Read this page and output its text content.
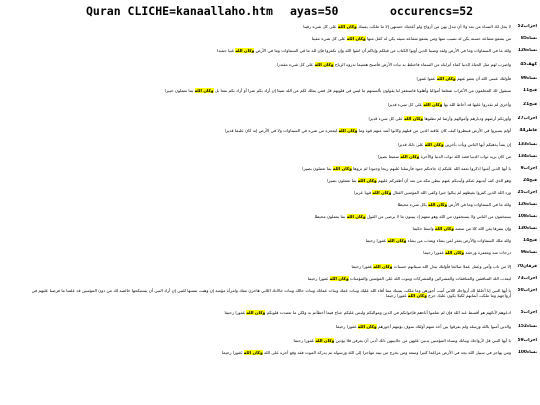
Quran CLICHE=kanaallaho.htm ayas=50	occurencs=52
أحزاب52
لا يحل لك النساء من بعد ولا أن تبدل بهن من أزواج ولو أعجبك حسنهن إلا ما ملكت يمينك وكان الله على كل شيء رقيبا
نساء85
من يشفع شفاعة حسنة يكن له نصيب منها ومن يشفع شفاعة سيئة يكن له كفل منها وكان الله على كل شيء مقيتا
نساء126
ولله ما في السماوات وما في الأرض ولقد وصينا الذين أوتوا الكتاب من قبلكم وإياكم أن اتقوا الله وإن تكفروا فإن لله ما في السماوات وما في الأرض وكان الله غنيا حميدا
كهف45
واضرب لهم مثل الحياة الدنيا كماء أنزلناه من السماء فاختلط به نبات الأرض فأصبح هشيما تذروه الرياح وكان الله على كل شيء مقتدرا
نساء99
فأولئك عسى الله أن يعفو عنهم وكان الله عفوا غفورا
فتح11
سيقول لك المخلفون من الأعراب شغلتنا أموالنا وأهلونا فاستغفر لنا يقولون بألسنتهم ما ليس في قلوبهم قل فمن يملك لكم من الله شيئا إن أراد بكم ضرا أو أراد بكم نفعا بل وكان الله بما تعملون خبيرا
فتح21
وأخرى لم تقدروا عليها قد أحاط الله بها وكان الله على كل شيء قديرا
أحزاب27
وأورثكم أرضهم وديارهم وأموالهم وأرضا لم تطئوها وكان الله على كل شيء قديرا
فاطر44
أولم يسيروا في الأرض فينظروا كيف كان عاقبة الذين من قبلهم وكانوا أشد منهم قوة وما وكان الله ليعجزه من شيء في السماوات ولا في الأرض إنه كان عليما قديرا
نساء133
إن يشأ يذهبكم أيها الناس ويأت بآخرين وكان الله على ذلك قديرا
نساء134
من كان يريد ثواب الدنيا فعند الله ثواب الدنيا والآخرة وكان الله سميعا بصيرا
أحزاب9
يا أيها الذين آمنوا اذكروا نعمة الله عليكم إذ جاءتكم جنود فأرسلنا عليهم ريحا وجنودا لم تروها وكان الله بما تعملون بصيرا
فتح24
وهو الذي كف أيديهم عنكم وأيديكم عنهم ببطن مكة من بعد أن أظفركم عليهم وكان الله بما تعملون بصيرا
أحزاب25
ورد الله الذين كفروا بغيظهم لم ينالوا خيرا وكفى الله المؤمنين القتال وكان الله قويا عزيزا
نساء126
ولله ما في السماوات وما في الأرض وكان الله بكل شيء محيطا
نساء108
يستخفون من الناس ولا يستخفون من الله وهو معهم إذ يبيتون ما لا يرضى من القول وكان الله بما يعملون محيطا
نساء130
وإن يتفرقا يغن الله كلا من سعته وكان الله واسعا حكيما
فتح14
ولله ملك السماوات والأرض يغفر لمن يشاء ويعذب من يشاء وكان الله غفورا رحيما
نساء96
درجات منه ومغفرة ورحمة وكان الله غفورا رحيما
فرقان70
إلا من تاب وآمن وعمل عملا صالحا فأولئك يبدل الله سيئاتهم حسنات وكان الله غفورا رحيما
أحزاب73
ليعذب الله المنافقين والمنافقات والمشركين والمشركات ويتوب الله على المؤمنين والمؤمنات وكان الله غفورا رحيما
أحزاب50
يا أيها النبي إنا أحللنا لك أزواجك اللاتي آتيت أجورهن وما ملكت يمينك مما أفاء الله عليك وبنات عمك وبنات عماتك وبنات خالك وبنات خالاتك اللاتي هاجرن معك وامرأة مؤمنة إن وهبت نفسها للنبي إن أراد النبي أن يستنكحها خالصة لك من دون المؤمنين قد علمنا ما فرضنا عليهم في أزواجهم وما ملكت أيمانهم لكيلا يكون عليك حرج وكان الله غفورا رحيما
أحزاب5
ادعوهم لآبائهم هو أقسط عند الله فإن لم تعلموا آباءهم فإخوانكم في الدين ومواليكم وليس عليكم جناح فيما أخطأتم به ولكن ما تعمدت قلوبكم وكان الله غفورا رحيما
نساء152
والذين آمنوا بالله ورسله ولم يفرقوا بين أحد منهم أولئك سوف يؤتيهم أجورهم وكان الله غفورا رحيما
أحزاب59
يا أيها النبي قل لأزواجك وبناتك ونساء المؤمنين يدنين عليهن من جلابيبهن ذلك أدنى أن يعرفن فلا يؤذين وكان الله غفورا رحيما
نساء100
ومن يهاجر في سبيل الله يجد في الأرض مراغما كثيرا وسعة ومن يخرج من بيته مهاجرا إلى الله ورسوله ثم يدركه الموت فقد وقع أجره على الله وكان الله غفورا رحيما
